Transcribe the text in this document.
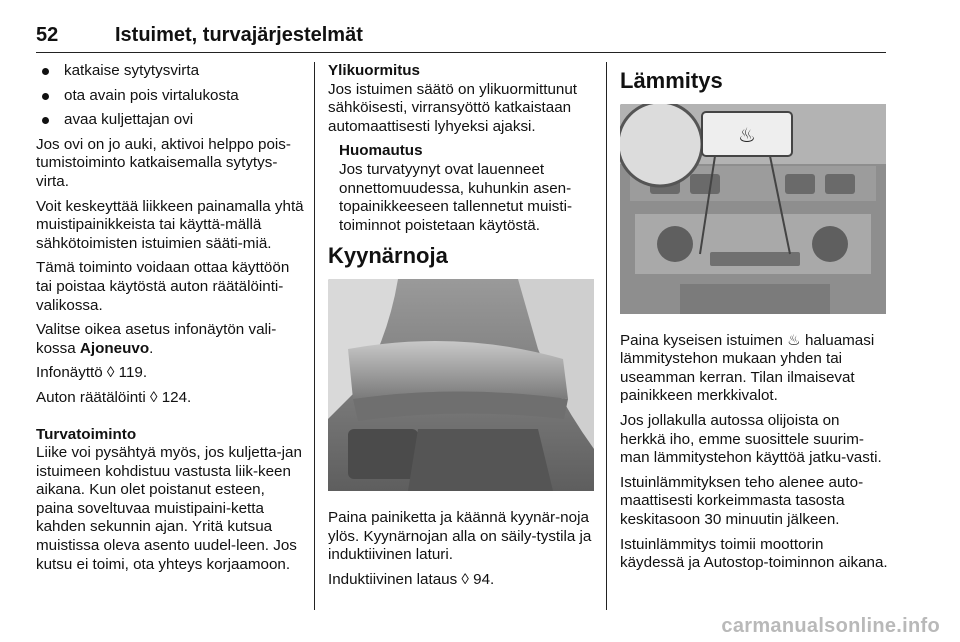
52	Istuimet, turvajärjestelmät
katkaise sytytysvirta
ota avain pois virtalukosta
avaa kuljettajan ovi

Jos ovi on jo auki, aktivoi helppo pois-tumistoiminto katkaisemalla sytytys-virta.

Voit keskeyttää liikkeen painamalla yhtä muistipainikkeista tai käyttä-mällä sähkötoimisten istuimien sääti-miä.

Tämä toiminto voidaan ottaa käyttöön tai poistaa käytöstä auton räätälöinti-valikossa.

Valitse oikea asetus infonäytön vali-kossa Ajoneuvo.

Infonäyttö ◊ 119.

Auton räätälöinti ◊ 124.

Turvatoiminto

Liike voi pysähtyä myös, jos kuljetta-jan istuimeen kohdistuu vastusta liik-keen aikana. Kun olet poistanut esteen, paina soveltuvaa muistipaini-ketta kahden sekunnin ajan. Yritä kutsua muistissa oleva asento uudel-leen. Jos kutsu ei toimi, ota yhteys korjaamoon.

Ylikuormitus

Jos istuimen säätö on ylikuormittunut sähköisesti, virransyöttö katkaistaan automaattisesti lyhyeksi ajaksi.

Huomautus

Jos turvatyynyt ovat lauenneet onnettomuudessa, kuhunkin asen-topainikkeeseen tallennetut muisti-toiminnot poistetaan käytöstä.

Kyynärnoja

Paina painiketta ja käännä kyynär-noja ylös. Kyynärnojan alla on säily-tystila ja induktiivinen laturi.

Induktiivinen lataus ◊ 94.

Lämmitys
♨

Paina kyseisen istuimen ♨ haluamasi lämmitystehon mukaan yhden tai useamman kerran. Tilan ilmaisevat painikkeen merkkivalot.

Jos jollakulla autossa olijoista on herkkä iho, emme suosittele suurim-man lämmitystehon käyttöä jatku-vasti.

Istuinlämmityksen teho alenee auto-maattisesti korkeimmasta tasosta keskitasoon 30 minuutin jälkeen.

Istuinlämmitys toimii moottorin käydessä ja Autostop-toiminnon aikana.

carmanualsonline.info
